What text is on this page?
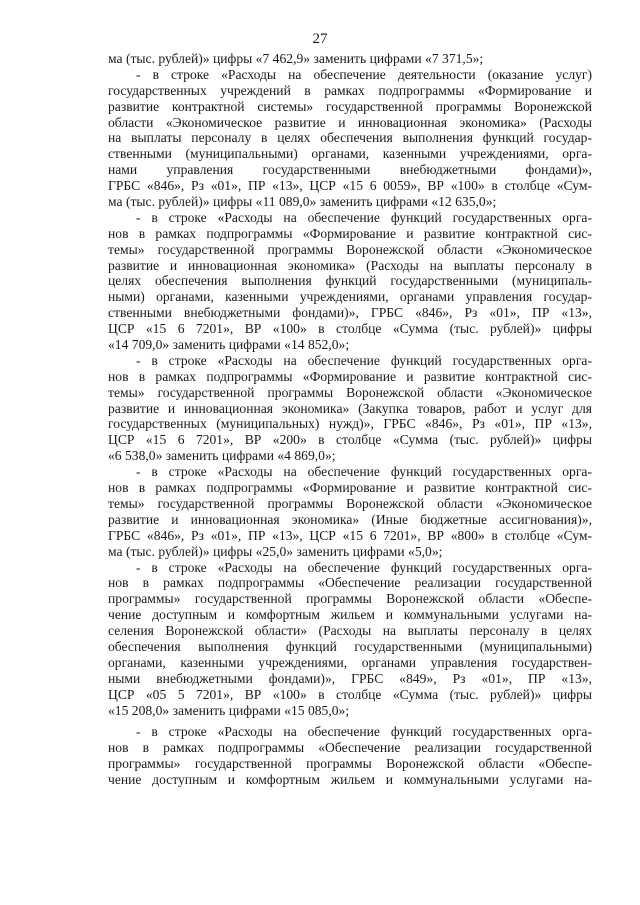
27
ма (тыс. рублей)» цифры «7 462,9» заменить цифрами «7 371,5»;
- в строке «Расходы на обеспечение деятельности (оказание услуг)
государственных учреждений в рамках подпрограммы «Формирование и
развитие контрактной системы» государственной программы Воронежской
области «Экономическое развитие и инновационная экономика» (Расходы
на выплаты персоналу в целях обеспечения выполнения функций государ-
ственными (муниципальными) органами, казенными учреждениями, орга-
нами управления государственными внебюджетными фондами)»,
ГРБС «846», Рз «01», ПР «13», ЦСР «15 6 0059», ВР «100» в столбце «Сум-
ма (тыс. рублей)» цифры «11 089,0» заменить цифрами «12 635,0»;
- в строке «Расходы на обеспечение функций государственных орга-
нов в рамках подпрограммы «Формирование и развитие контрактной сис-
темы» государственной программы Воронежской области «Экономическое
развитие и инновационная экономика» (Расходы на выплаты персоналу в
целях обеспечения выполнения функций государственными (муниципаль-
ными) органами, казенными учреждениями, органами управления государ-
ственными внебюджетными фондами)», ГРБС «846», Рз «01», ПР «13»,
ЦСР «15 6 7201», ВР «100» в столбце «Сумма (тыс. рублей)» цифры
«14 709,0» заменить цифрами «14 852,0»;
- в строке «Расходы на обеспечение функций государственных орга-
нов в рамках подпрограммы «Формирование и развитие контрактной сис-
темы» государственной программы Воронежской области «Экономическое
развитие и инновационная экономика» (Закупка товаров, работ и услуг для
государственных (муниципальных) нужд)», ГРБС «846», Рз «01», ПР «13»,
ЦСР «15 6 7201», ВР «200» в столбце «Сумма (тыс. рублей)» цифры
«6 538,0» заменить цифрами «4 869,0»;
- в строке «Расходы на обеспечение функций государственных орга-
нов в рамках подпрограммы «Формирование и развитие контрактной сис-
темы» государственной программы Воронежской области «Экономическое
развитие и инновационная экономика» (Иные бюджетные ассигнования)»,
ГРБС «846», Рз «01», ПР «13», ЦСР «15 6 7201», ВР «800» в столбце «Сум-
ма (тыс. рублей)» цифры «25,0» заменить цифрами «5,0»;
- в строке «Расходы на обеспечение функций государственных орга-
нов в рамках подпрограммы «Обеспечение реализации государственной
программы» государственной программы Воронежской области «Обеспе-
чение доступным и комфортным жильем и коммунальными услугами на-
селения Воронежской области» (Расходы на выплаты персоналу в целях
обеспечения выполнения функций государственными (муниципальными)
органами, казенными учреждениями, органами управления государствен-
ными внебюджетными фондами)», ГРБС «849», Рз «01», ПР «13»,
ЦСР «05 5 7201», ВР «100» в столбце «Сумма (тыс. рублей)» цифры
«15 208,0» заменить цифрами «15 085,0»;
- в строке «Расходы на обеспечение функций государственных орга-
нов в рамках подпрограммы «Обеспечение реализации государственной
программы» государственной программы Воронежской области «Обеспе-
чение доступным и комфортным жильем и коммунальными услугами на-
